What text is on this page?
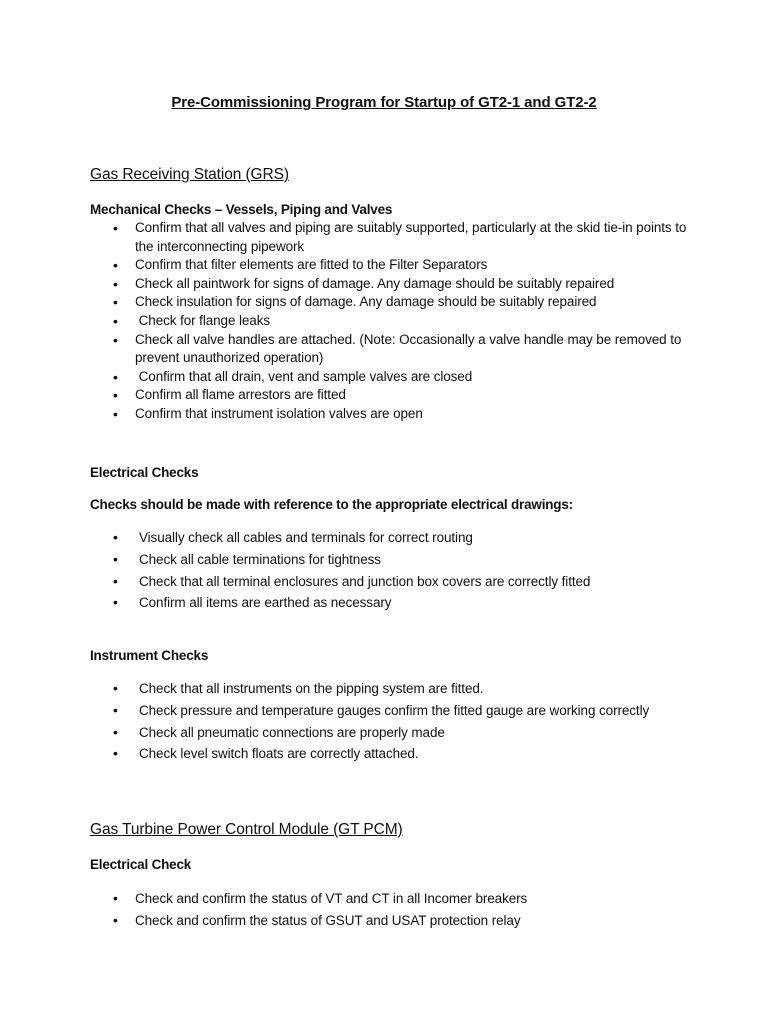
Pre-Commissioning Program for Startup of GT2-1 and GT2-2
Gas Receiving Station (GRS)
Mechanical Checks – Vessels, Piping and Valves
• Confirm that all valves and piping are suitably supported, particularly at the skid tie-in points to the interconnecting pipework
• Confirm that filter elements are fitted to the Filter Separators
• Check all paintwork for signs of damage. Any damage should be suitably repaired
• Check insulation for signs of damage. Any damage should be suitably repaired
•  Check for flange leaks
• Check all valve handles are attached. (Note: Occasionally a valve handle may be removed to prevent unauthorized operation)
•  Confirm that all drain, vent and sample valves are closed
• Confirm all flame arrestors are fitted
• Confirm that instrument isolation valves are open
Electrical Checks
Checks should be made with reference to the appropriate electrical drawings:
• Visually check all cables and terminals for correct routing
• Check all cable terminations for tightness
• Check that all terminal enclosures and junction box covers are correctly fitted
• Confirm all items are earthed as necessary
Instrument Checks
• Check that all instruments on the pipping system are fitted.
• Check pressure and temperature gauges confirm the fitted gauge are working correctly
• Check all pneumatic connections are properly made
• Check level switch floats are correctly attached.
Gas Turbine Power Control Module (GT PCM)
Electrical Check
• Check and confirm the status of VT and CT in all Incomer breakers
• Check and confirm the status of GSUT and USAT protection relay
